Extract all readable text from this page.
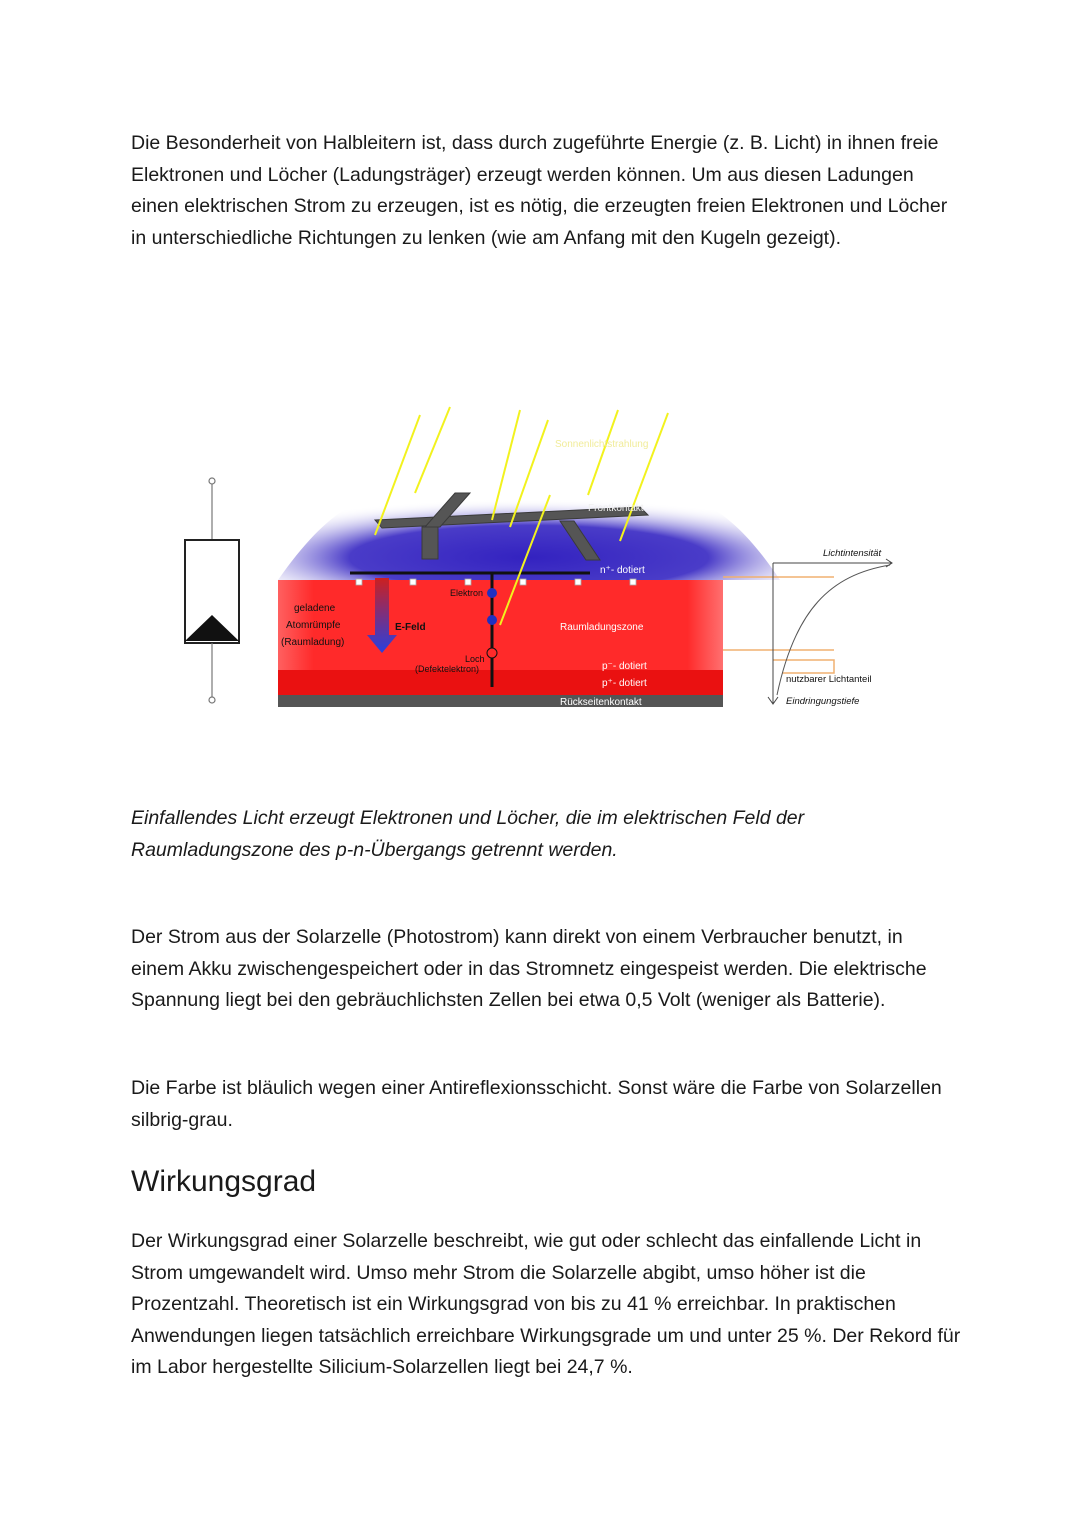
Die Besonderheit von Halbleitern ist, dass durch zugeführte Energie (z. B. Licht) in ihnen freie Elektronen und Löcher (Ladungsträger) erzeugt werden können. Um aus diesen Ladungen einen elektrischen Strom zu erzeugen, ist es nötig, die erzeugten freien Elektronen und Löcher in unterschiedliche Richtungen zu lenken (wie am Anfang mit den Kugeln gezeigt).

Sonnenlichtstrahlung
Frontkontakt
n⁺- dotiert
Elektron
geladene
Atomrümpfe
(Raumladung)
E-Feld	Raumladungszone
Loch
(Defektelektron)	p⁻- dotiert
p⁺- dotiert
Rückseitenkontakt
Lichtintensität
nutzbarer Lichtanteil
Eindringungstiefe

Einfallendes Licht erzeugt Elektronen und Löcher, die im elektrischen Feld der Raumladungszone des p-n-Übergangs getrennt werden.

Der Strom aus der Solarzelle (Photostrom) kann direkt von einem Verbraucher benutzt, in einem Akku zwischengespeichert oder in das Stromnetz eingespeist werden. Die elektrische Spannung liegt bei den gebräuchlichsten Zellen bei etwa 0,5 Volt (weniger als Batterie).

Die Farbe ist bläulich wegen einer Antireflexionsschicht. Sonst wäre die Farbe von Solarzellen silbrig-grau.

Wirkungsgrad

Der Wirkungsgrad einer Solarzelle beschreibt, wie gut oder schlecht das einfallende Licht in Strom umgewandelt wird. Umso mehr Strom die Solarzelle abgibt, umso höher ist die Prozentzahl. Theoretisch ist ein Wirkungsgrad von bis zu 41 % erreichbar. In praktischen Anwendungen liegen tatsächlich erreichbare Wirkungsgrade um und unter 25 %. Der Rekord für im Labor hergestellte Silicium-Solarzellen liegt bei 24,7 %.
